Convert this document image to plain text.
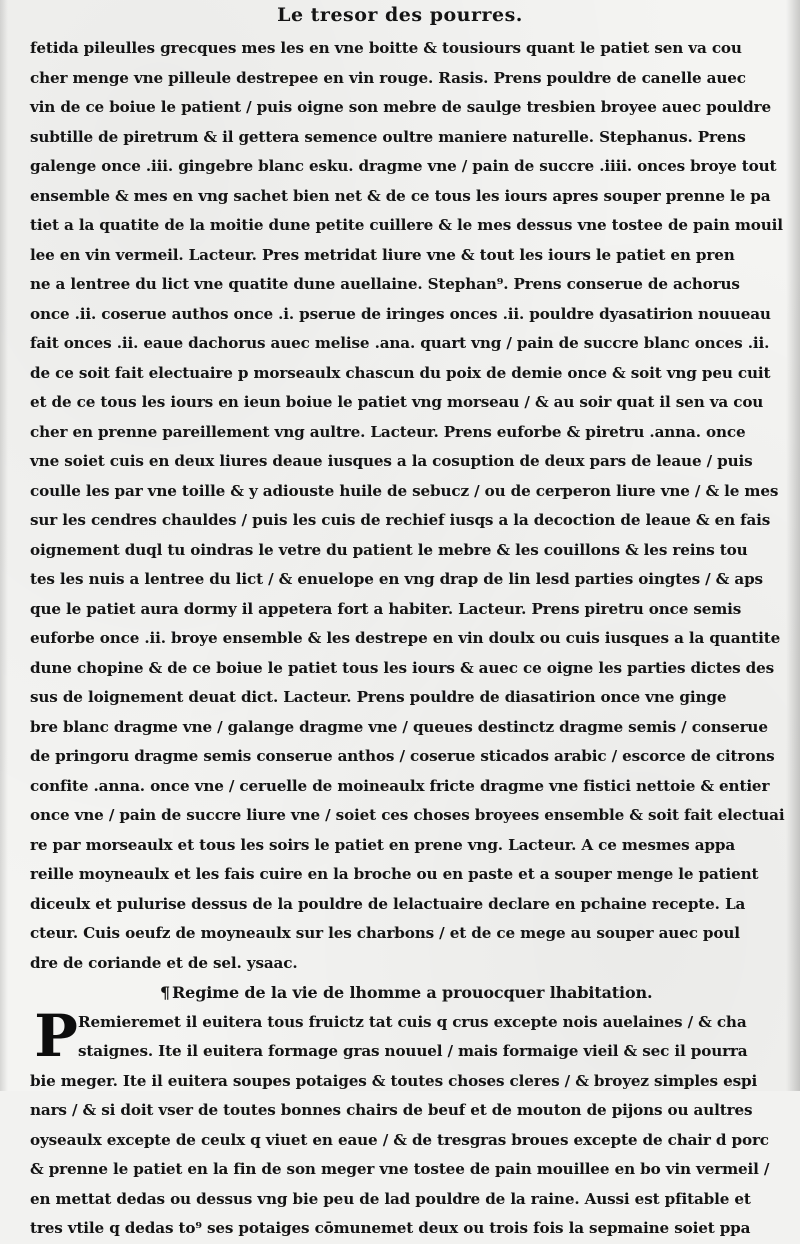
Le tresor des pourres.
fetida pileulles grecques mes les en vne boitte & tousiours quant le patiet sen va cou
cher menge vne pilleule destrepee en vin rouge. Rasis. Prens pouldre de canelle auec
vin de ce boiue le patient / puis oigne son mebre de saulge tresbien broyee auec pouldre
subtille de piretrum & il gettera semence oultre maniere naturelle. Stephanus. Prens
galenge once .iii. gingebre blanc esku. dragme vne / pain de succre .iiii. onces broye tout
ensemble & mes en vng sachet bien net & de ce tous les iours apres souper prenne le pa
tiet a la quatite de la moitie dune petite cuillere & le mes dessus vne tostee de pain mouil
lee en vin vermeil. Lacteur. Pres metridat liure vne & tout les iours le patiet en pren
ne a lentree du lict vne quatite dune auellaine. Stephan⁹. Prens conserue de achorus
once .ii. coserue authos once .i. pserue de iringes onces .ii. pouldre dyasatirion nouueau
fait onces .ii. eaue dachorus auec melise .ana. quart vng / pain de succre blanc onces .ii.
de ce soit fait electuaire p morseaulx chascun du poix de demie once & soit vng peu cuit
et de ce tous les iours en ieun boiue le patiet vng morseau / & au soir quat il sen va cou
cher en prenne pareillement vng aultre. Lacteur. Prens euforbe & piretru .anna. once
vne soiet cuis en deux liures deaue iusques a la cosuption de deux pars de leaue / puis
coulle les par vne toille & y adiouste huile de sebucz / ou de cerperon liure vne / & le mes
sur les cendres chauldes / puis les cuis de rechief iusqs a la decoction de leaue & en fais
oignement duql tu oindras le vetre du patient le mebre & les couillons & les reins tou
tes les nuis a lentree du lict / & enuelope en vng drap de lin lesd parties oingtes / & aps
que le patiet aura dormy il appetera fort a habiter. Lacteur. Prens piretru once semis
euforbe once .ii. broye ensemble & les destrepe en vin doulx ou cuis iusques a la quantite
dune chopine & de ce boiue le patiet tous les iours & auec ce oigne les parties dictes des
sus de loignement deuat dict. Lacteur. Prens pouldre de diasatirion once vne ginge
bre blanc dragme vne / galange dragme vne / queues destinctz dragme semis / conserue
de pringoru dragme semis conserue anthos / coserue sticados arabic / escorce de citrons
confite .anna. once vne / ceruelle de moineaulx fricte dragme vne fistici nettoie & entier
once vne / pain de succre liure vne / soiet ces choses broyees ensemble & soit fait electuai
re par morseaulx et tous les soirs le patiet en prene vng. Lacteur. A ce mesmes appa
reille moyneaulx et les fais cuire en la broche ou en paste et a souper menge le patient
diceulx et pulurise dessus de la pouldre de lelactuaire declare en pchaine recepte. La
cteur. Cuis oeufz de moyneaulx sur les charbons / et de ce mege au souper auec poul
dre de coriande et de sel. ysaac.
¶ Regime de la vie de lhomme a prouocquer lhabitation.
P Remieremet il euitera tous fruictz tat cuis q crus excepte nois auelaines / & cha
staignes. Ite il euitera formage gras nouuel / mais formaige vieil & sec il pourra
bie meger. Ite il euitera soupes potaiges & toutes choses cleres / & broyez simples espi
nars / & si doit vser de toutes bonnes chairs de beuf et de mouton de pijons ou aultres
oyseaulx excepte de ceulx q viuet en eaue / & de tresgras broues excepte de chair d porc
& prenne le patiet en la fin de son meger vne tostee de pain mouillee en bo vin vermeil /
en mettat dedas ou dessus vng bie peu de lad pouldre de la raine. Aussi est pfitable et
tres vtile q dedas to⁹ ses potaiges cōmunemet deux ou trois fois la sepmaine soiet ppa
